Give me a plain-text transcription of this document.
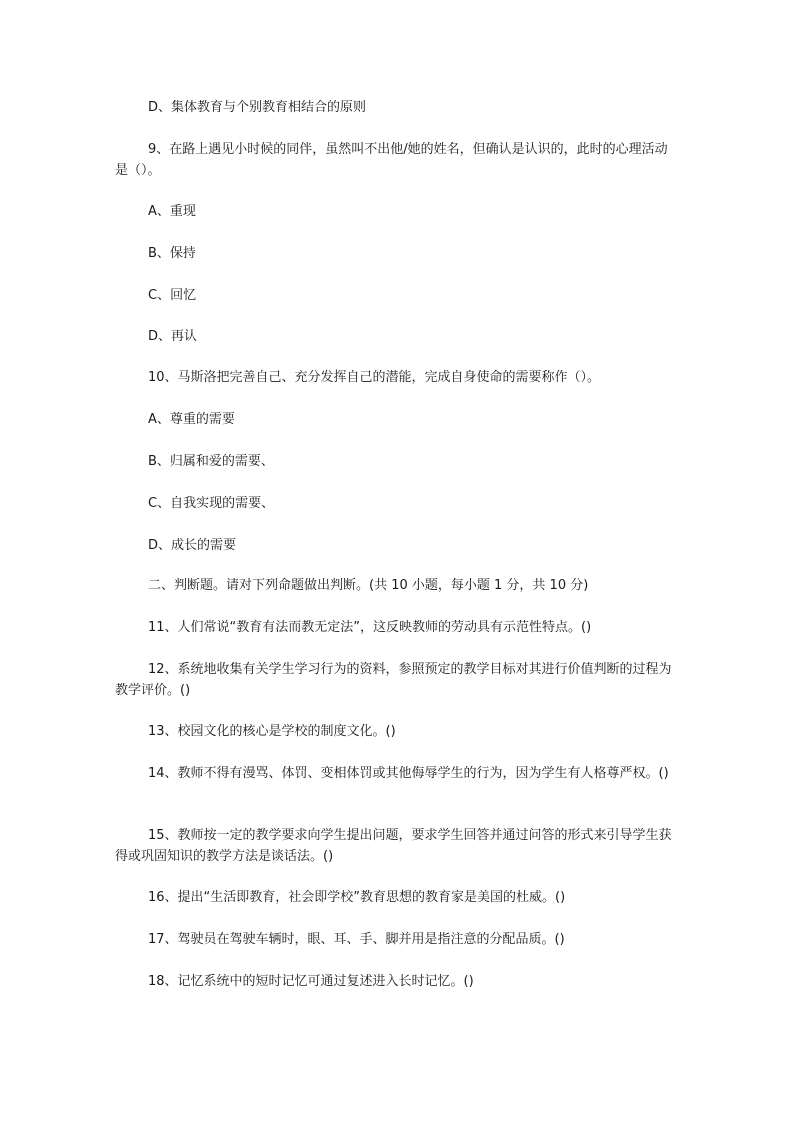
D、集体教育与个别教育相结合的原则

9、在路上遇见小时候的同伴，虽然叫不出他/她的姓名，但确认是认识的，此时的心理活动是（）。

A、重现

B、保持

C、回忆

D、再认

10、马斯洛把完善自己、充分发挥自己的潜能，完成自身使命的需要称作（）。

A、尊重的需要

B、归属和爱的需要、

C、自我实现的需要、

D、成长的需要

二、判断题。请对下列命题做出判断。(共 10 小题，每小题 1 分，共 10 分)

11、人们常说“教育有法而教无定法”，这反映教师的劳动具有示范性特点。()

12、系统地收集有关学生学习行为的资料，参照预定的教学目标对其进行价值判断的过程为教学评价。()

13、校园文化的核心是学校的制度文化。()

14、教师不得有漫骂、体罚、变相体罚或其他侮辱学生的行为，因为学生有人格尊严权。()

15、教师按一定的教学要求向学生提出问题，要求学生回答并通过问答的形式来引导学生获得或巩固知识的教学方法是谈话法。()

16、提出“生活即教育，社会即学校”教育思想的教育家是美国的杜威。()

17、驾驶员在驾驶车辆时，眼、耳、手、脚并用是指注意的分配品质。()

18、记忆系统中的短时记忆可通过复述进入长时记忆。()
